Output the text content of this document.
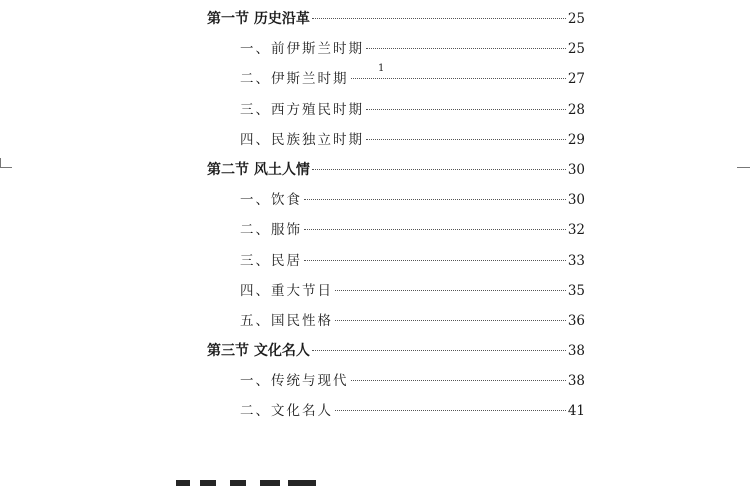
1
第一节 历史沿革	25
一、前伊斯兰时期	25
二、伊斯兰时期	27
三、西方殖民时期	28
四、民族独立时期	29
第二节 风土人情	30
一、饮食	30
二、服饰	32
三、民居	33
四、重大节日	35
五、国民性格	36
第三节 文化名人	38
一、传统与现代	38
二、文化名人	41
